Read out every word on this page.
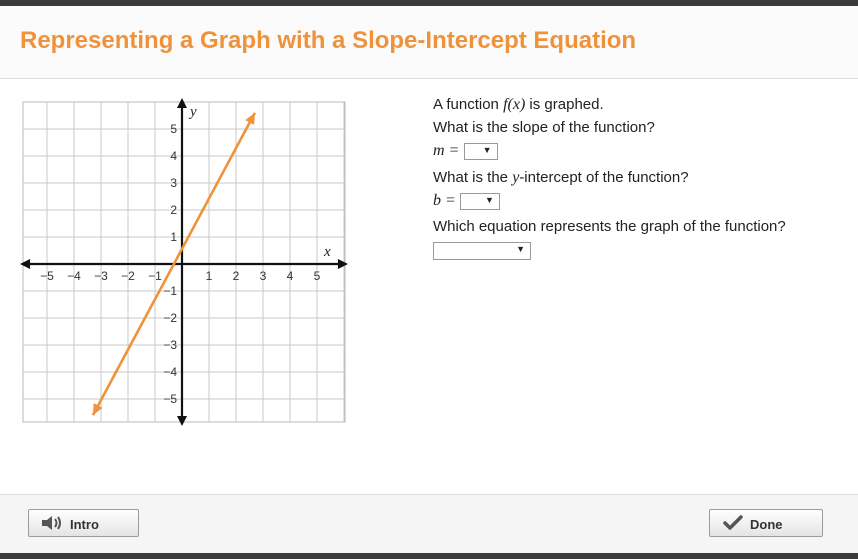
Representing a Graph with a Slope-Intercept Equation
x
y
−5 −4 −3 −2 −1	1 2 3 4 5
5
4
3
2
1
−1
−2
−3
−4
−5
A function f(x) is graphed.
What is the slope of the function?
m =	▼
What is the y-intercept of the function?
b =	▼
Which equation represents the graph of the function?
▼
Intro	Done
